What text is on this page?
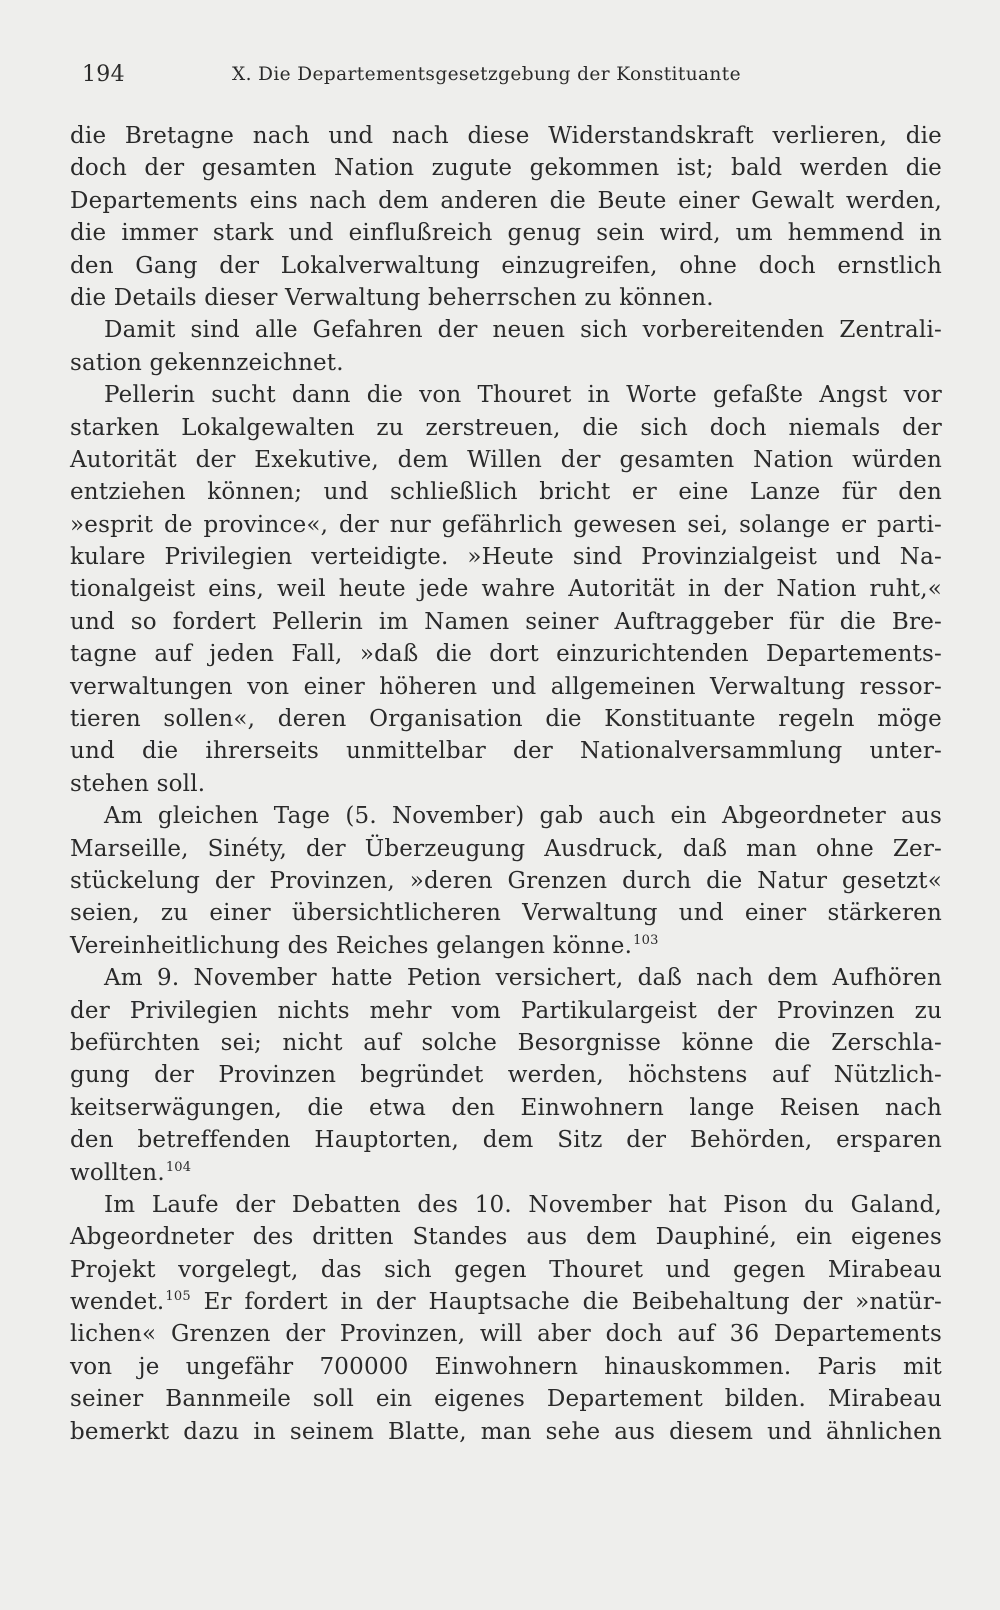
194	X. Die Departementsgesetzgebung der Konstituante
die Bretagne nach und nach diese Widerstandskraft verlieren, die
doch der gesamten Nation zugute gekommen ist; bald werden die
Departements eins nach dem anderen die Beute einer Gewalt werden,
die immer stark und einflußreich genug sein wird, um hemmend in
den Gang der Lokalverwaltung einzugreifen, ohne doch ernstlich
die Details dieser Verwaltung beherrschen zu können.
Damit sind alle Gefahren der neuen sich vorbereitenden Zentrali-
sation gekennzeichnet.
Pellerin sucht dann die von Thouret in Worte gefaßte Angst vor
starken Lokalgewalten zu zerstreuen, die sich doch niemals der
Autorität der Exekutive, dem Willen der gesamten Nation würden
entziehen können; und schließlich bricht er eine Lanze für den
»esprit de province«, der nur gefährlich gewesen sei, solange er parti-
kulare Privilegien verteidigte. »Heute sind Provinzialgeist und Na-
tionalgeist eins, weil heute jede wahre Autorität in der Nation ruht,«
und so fordert Pellerin im Namen seiner Auftraggeber für die Bre-
tagne auf jeden Fall, »daß die dort einzurichtenden Departements-
verwaltungen von einer höheren und allgemeinen Verwaltung ressor-
tieren sollen«, deren Organisation die Konstituante regeln möge
und die ihrerseits unmittelbar der Nationalversammlung unter-
stehen soll.
Am gleichen Tage (5. November) gab auch ein Abgeordneter aus
Marseille, Sinéty, der Überzeugung Ausdruck, daß man ohne Zer-
stückelung der Provinzen, »deren Grenzen durch die Natur gesetzt«
seien, zu einer übersichtlicheren Verwaltung und einer stärkeren
Vereinheitlichung des Reiches gelangen könne.$^{103}$
Am 9. November hatte Petion versichert, daß nach dem Aufhören
der Privilegien nichts mehr vom Partikulargeist der Provinzen zu
befürchten sei; nicht auf solche Besorgnisse könne die Zerschla-
gung der Provinzen begründet werden, höchstens auf Nützlich-
keitserwägungen, die etwa den Einwohnern lange Reisen nach
den betreffenden Hauptorten, dem Sitz der Behörden, ersparen
wollten.$^{104}$
Im Laufe der Debatten des 10. November hat Pison du Galand,
Abgeordneter des dritten Standes aus dem Dauphiné, ein eigenes
Projekt vorgelegt, das sich gegen Thouret und gegen Mirabeau
wendet.$^{105}$ Er fordert in der Hauptsache die Beibehaltung der »natür-
lichen« Grenzen der Provinzen, will aber doch auf 36 Departements
von je ungefähr 700000 Einwohnern hinauskommen. Paris mit
seiner Bannmeile soll ein eigenes Departement bilden. Mirabeau
bemerkt dazu in seinem Blatte, man sehe aus diesem und ähnlichen
